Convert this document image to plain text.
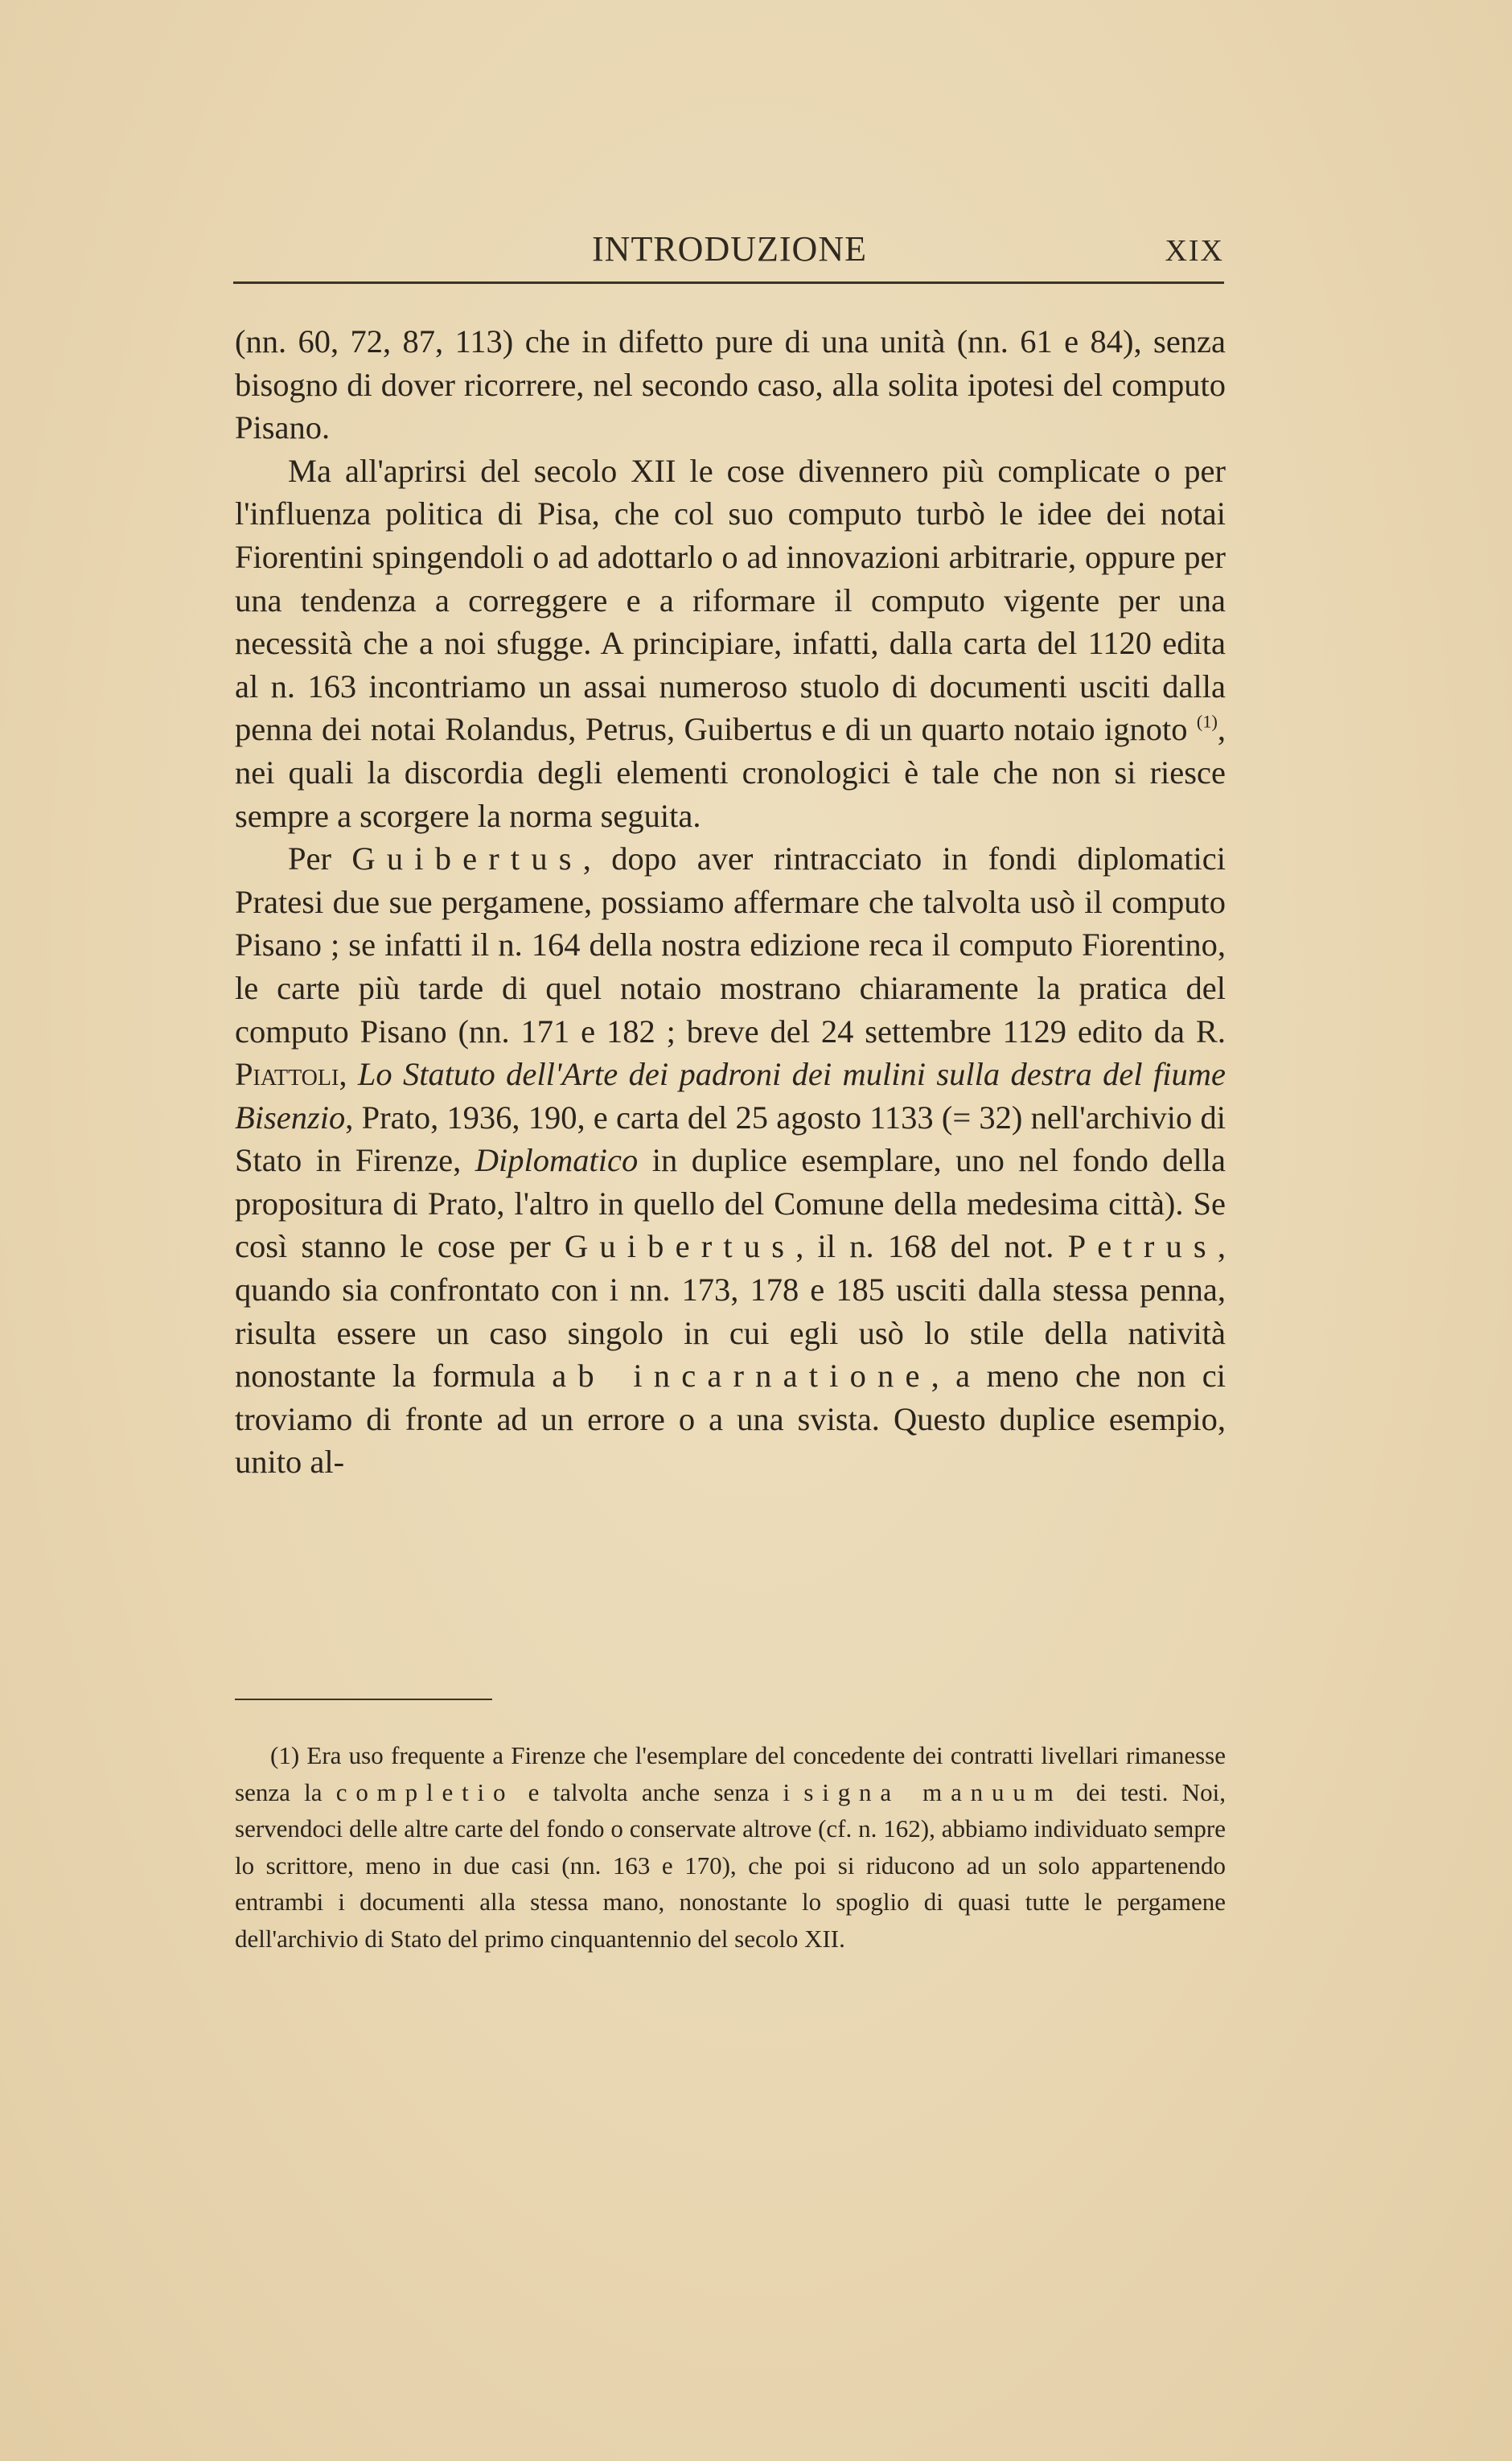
INTRODUZIONE	XIX

(nn. 60, 72, 87, 113) che in difetto pure di una unità (nn. 61 e 84), senza bisogno di dover ricorrere, nel secondo caso, alla solita ipotesi del computo Pisano.

Ma all'aprirsi del secolo XII le cose divennero più complicate o per l'influenza politica di Pisa, che col suo computo turbò le idee dei notai Fiorentini spingendoli o ad adottarlo o ad innovazioni arbitrarie, oppure per una tendenza a correggere e a riformare il computo vigente per una necessità che a noi sfugge. A principiare, infatti, dalla carta del 1120 edita al n. 163 incontriamo un assai numeroso stuolo di documenti usciti dalla penna dei notai Rolandus, Petrus, Guibertus e di un quarto notaio ignoto $^{(1)}$, nei quali la discordia degli elementi cronologici è tale che non si riesce sempre a scorgere la norma seguita.

Per Guibertus, dopo aver rintracciato in fondi diplomatici Pratesi due sue pergamene, possiamo affermare che talvolta usò il computo Pisano ; se infatti il n. 164 della nostra edizione reca il computo Fiorentino, le carte più tarde di quel notaio mostrano chiaramente la pratica del computo Pisano (nn. 171 e 182 ; breve del 24 settembre 1129 edito da R. Piattoli, Lo Statuto dell'Arte dei padroni dei mulini sulla destra del fiume Bisenzio, Prato, 1936, 190, e carta del 25 agosto 1133 (= 32) nell'archivio di Stato in Firenze, Diplomatico in duplice esemplare, uno nel fondo della propositura di Prato, l'altro in quello del Comune della medesima città). Se così stanno le cose per Guibertus, il n. 168 del not. Petrus, quando sia confrontato con i nn. 173, 178 e 185 usciti dalla stessa penna, risulta essere un caso singolo in cui egli usò lo stile della natività nonostante la formula ab incarnatione, a meno che non ci troviamo di fronte ad un errore o a una svista. Questo duplice esempio, unito al-

(1) Era uso frequente a Firenze che l'esemplare del concedente dei contratti livellari rimanesse senza la completio e talvolta anche senza i signa manuum dei testi. Noi, servendoci delle altre carte del fondo o conservate altrove (cf. n. 162), abbiamo individuato sempre lo scrittore, meno in due casi (nn. 163 e 170), che poi si riducono ad un solo appartenendo entrambi i documenti alla stessa mano, nonostante lo spoglio di quasi tutte le pergamene dell'archivio di Stato del primo cinquantennio del secolo XII.
